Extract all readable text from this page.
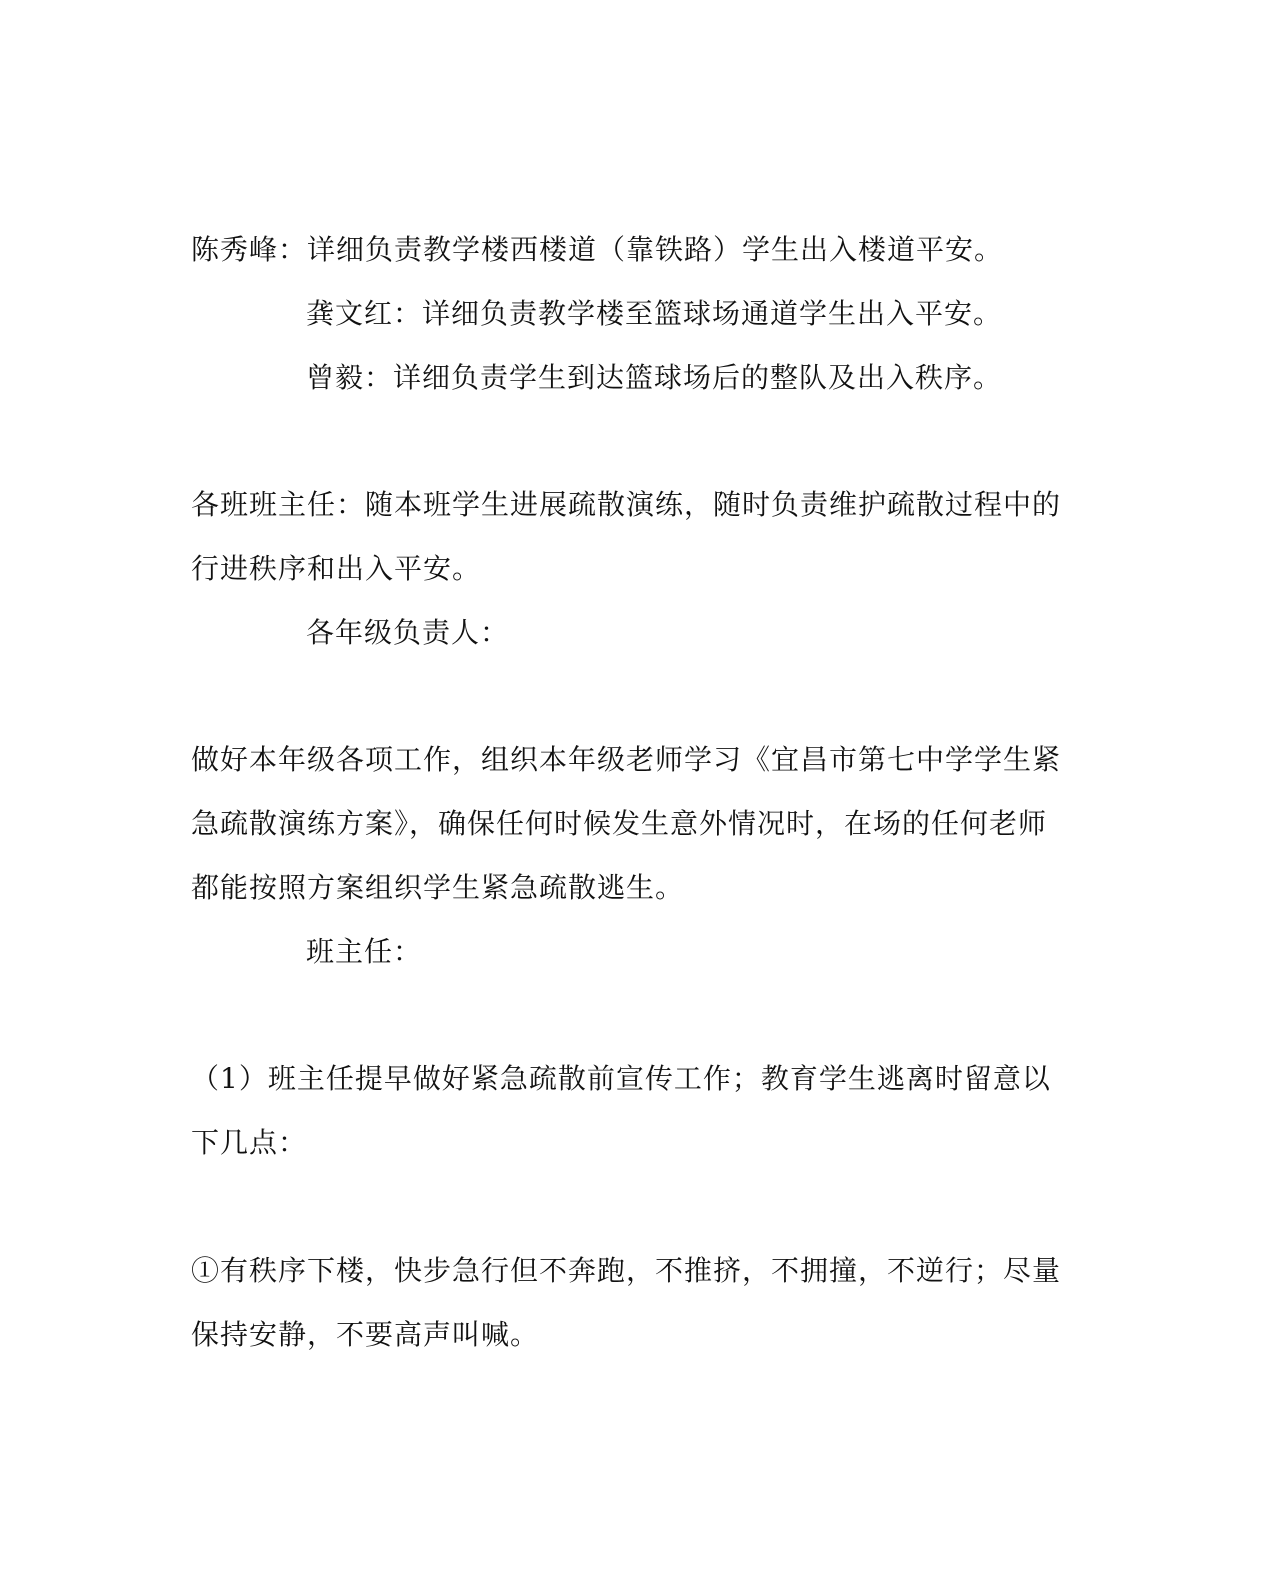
陈秀峰：详细负责教学楼西楼道（靠铁路）学生出入楼道平安。
龚文红：详细负责教学楼至篮球场通道学生出入平安。
曾毅：详细负责学生到达篮球场后的整队及出入秩序。
各班班主任：随本班学生进展疏散演练，随时负责维护疏散过程中的
行进秩序和出入平安。
各年级负责人：
做好本年级各项工作，组织本年级老师学习《宜昌市第七中学学生紧
急疏散演练方案》，确保任何时候发生意外情况时，在场的任何老师
都能按照方案组织学生紧急疏散逃生。
班主任：
（1）班主任提早做好紧急疏散前宣传工作；教育学生逃离时留意以
下几点：
①有秩序下楼，快步急行但不奔跑，不推挤，不拥撞，不逆行；尽量
保持安静，不要高声叫喊。
